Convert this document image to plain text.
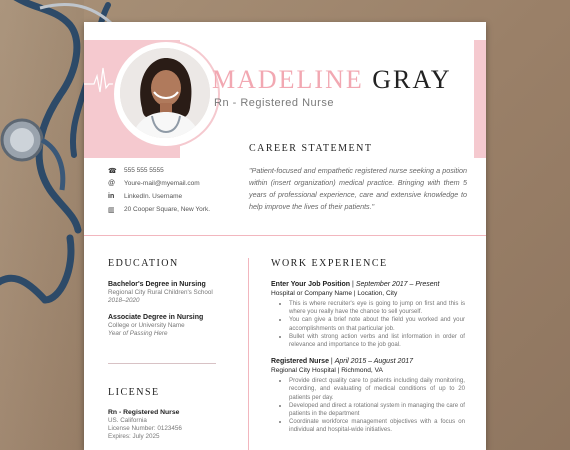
MADELINE GRAY
Rn - Registered Nurse
☎	555 555 5555
@	Youre-mail@myemail.com
in	LinkedIn. Username
▥	20 Cooper Square, New York.
CAREER STATEMENT
"Patient-focused and empathetic registered nurse seeking a position within (insert organization) medical practice. Bringing with them 5 years of professional experience, care and extensive knowledge to help improve the lives of their patients."
EDUCATION
Bachelor's Degree in Nursing
Regional City Rural Children's School
2018–2020
Associate Degree in Nursing
College or University Name
Year of Passing Here
LICENSE
Rn - Registered Nurse
US. California
License Number: 0123456
Expires: July 2025
WORK EXPERIENCE
Enter Your Job Position | September 2017 – Present
Hospital or Company Name | Location, City
• This is where recruiter's eye is going to jump on first and this is where you really have the chance to sell yourself.
• You can give a brief note about the field you worked and your accomplishments on that particular job.
• Bullet with strong action verbs and list information in order of relevance and importance to the job goal.
Registered Nurse | April 2015 – August 2017
Regional City Hospital | Richmond, VA
• Provide direct quality care to patients including daily monitoring, recording, and evaluating of medical conditions of up to 20 patients per day.
• Developed and direct a rotational system in managing the care of patients in the department
• Coordinate workforce management objectives with a focus on individual and hospital-wide initiatives.
